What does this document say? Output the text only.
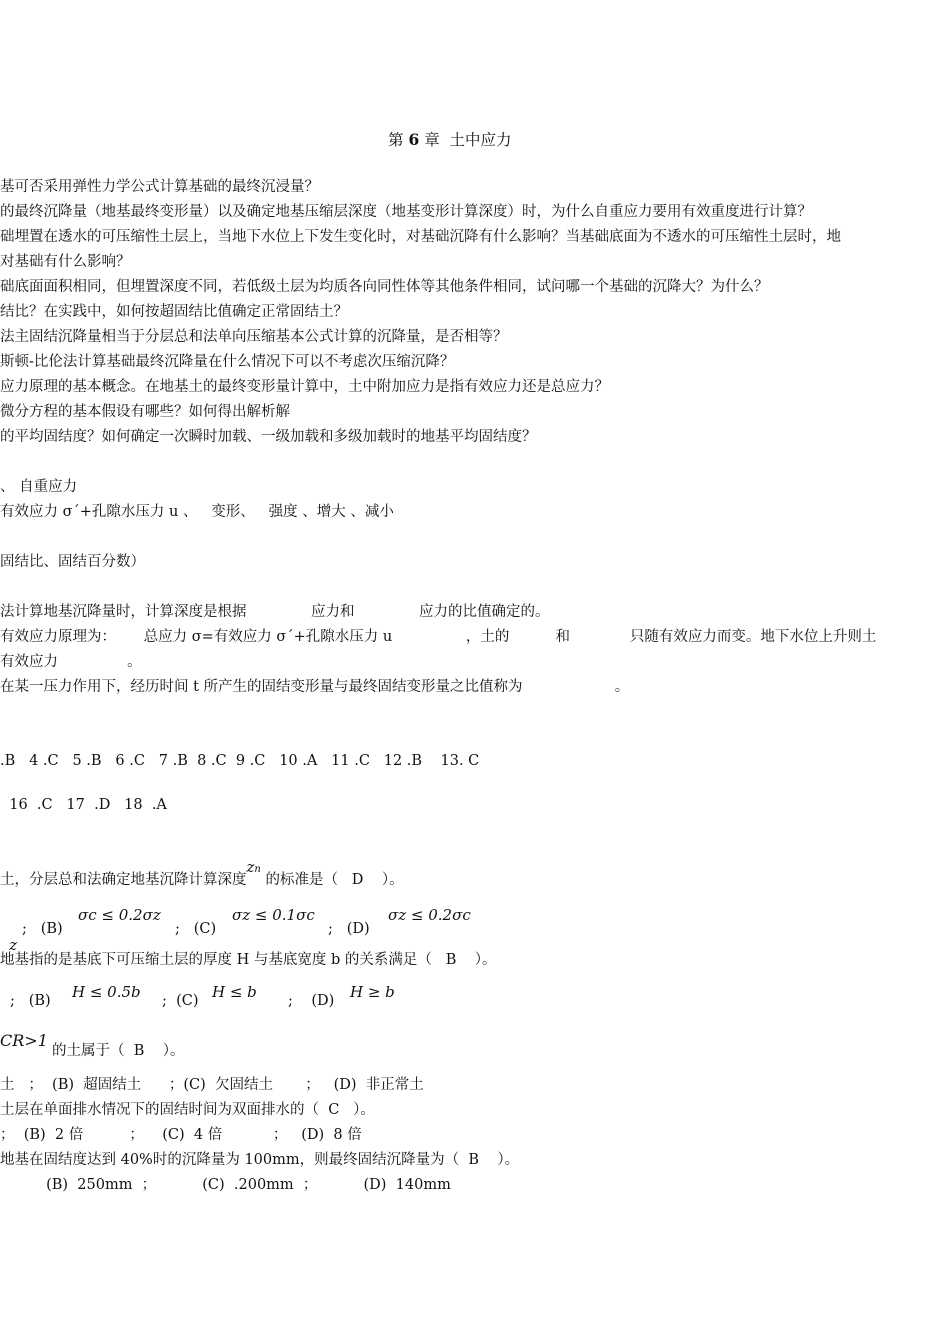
第 6 章  土中应力
基可否采用弹性力学公式计算基础的最终沉浸量？
的最终沉降量（地基最终变形量）以及确定地基压缩层深度（地基变形计算深度）时，为什么自重应力要用有效重度进行计算？
础埋置在透水的可压缩性土层上，当地下水位上下发生变化时，对基础沉降有什么影响？当基础底面为不透水的可压缩性土层时，地
对基础有什么影响？
础底面面积相同，但埋置深度不同，若低级土层为均质各向同性体等其他条件相同，试问哪一个基础的沉降大？为什么？
结比？在实践中，如何按超固结比值确定正常固结土？
法主固结沉降量相当于分层总和法单向压缩基本公式计算的沉降量，是否相等？
斯顿-比伦法计算基础最终沉降量在什么情况下可以不考虑次压缩沉降？
应力原理的基本概念。在地基土的最终变形量计算中，土中附加应力是指有效应力还是总应力？
微分方程的基本假设有哪些？如何得出解析解
的平均固结度？如何确定一次瞬时加载、一级加载和多级加载时的地基平均固结度？
、 自重应力
有效应力 σ´+孔隙水压力 u 、   变形、   强度 、增大 、减小
固结比、固结百分数）
法计算地基沉降量时，计算深度是根据              应力和              应力的比值确定的。
有效应力原理为：      总应力 σ=有效应力 σ´+孔隙水压力 u                ，土的          和             只随有效应力而变。地下水位上升则土
有效应力               。
在某一压力作用下，经历时间 t 所产生的固结变形量与最终固结变形量之比值称为                    。
.B   4 .C   5 .B   6 .C   7 .B  8 .C  9 .C   10 .A   11 .C   12 .B    13. C
16  .C   17  .D   18  .A
土，分层总和法确定地基沉降计算深度zn 的标准是（   D    ）。

z

;   (B)
σc ≤ 0.2σz
;   (C)
σz ≤ 0.1σc
;   (D)
σz ≤ 0.2σc
地基指的是基底下可压缩土层的厚度 H 与基底宽度 b 的关系满足（   B    ）。
;   (B) H ≤ 0.5b ;  (C) H ≤ b ;    (D) H ≥ b
CR>1
的土属于（  B    ）。
土   ；  (B)  超固结土      ；(C)  欠固结土       ；   (D)  非正常土
土层在单面排水情况下的固结时间为双面排水的（  C   ）。
；  (B)  2 倍          ；    (C)  4 倍           ；   (D)  8 倍
地基在固结度达到 40%时的沉降量为 100mm，则最终固结沉降量为（  B    ）。
(B)  250mm  ；          (C)  .200mm  ；          (D)  140mm
